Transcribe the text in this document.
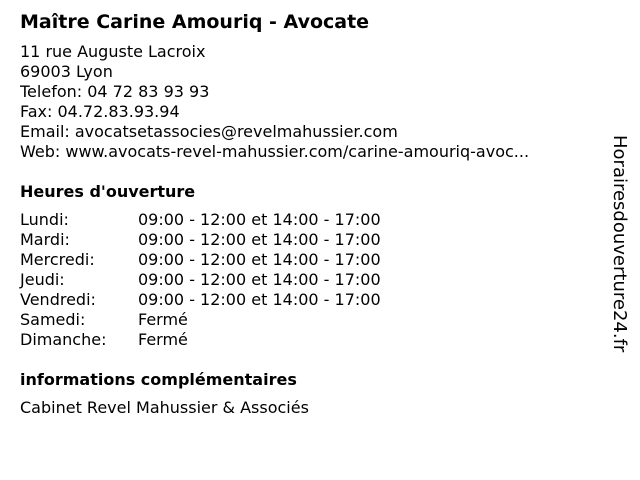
Maître Carine Amouriq - Avocate
11 rue Auguste Lacroix
69003 Lyon
Telefon: 04 72 83 93 93
Fax: 04.72.83.93.94
Email: avocatsetassocies@revelmahussier.com
Web: www.avocats-revel-mahussier.com/carine-amouriq-avoc...
Heures d'ouverture
Lundi:	09:00 - 12:00 et 14:00 - 17:00
Mardi:	09:00 - 12:00 et 14:00 - 17:00
Mercredi:	09:00 - 12:00 et 14:00 - 17:00
Jeudi:	09:00 - 12:00 et 14:00 - 17:00
Vendredi:	09:00 - 12:00 et 14:00 - 17:00
Samedi:	Fermé
Dimanche:	Fermé
informations complémentaires
Cabinet Revel Mahussier & Associés
Horairesdouverture24.fr
